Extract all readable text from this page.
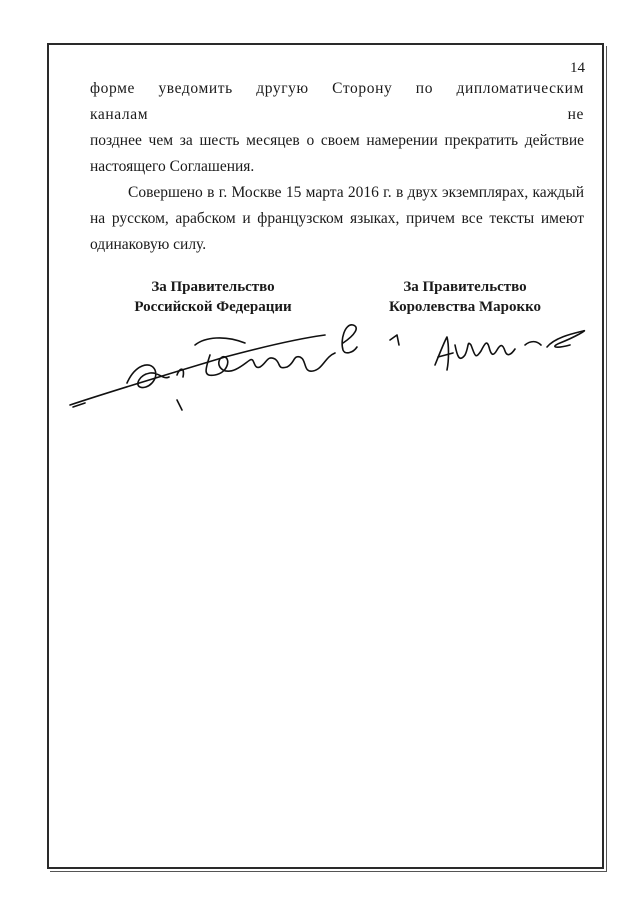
14

форме уведомить другую Сторону по дипломатическим каналам не

позднее чем за шесть месяцев о своем намерении прекратить действие настоящего Соглашения.

Совершено в г. Москве 15 марта 2016 г. в двух экземплярах, каждый на русском, арабском и французском языках, причем все тексты имеют одинаковую силу.

За Правительство
Российской Федерации
За Правительство
Королевства Марокко
